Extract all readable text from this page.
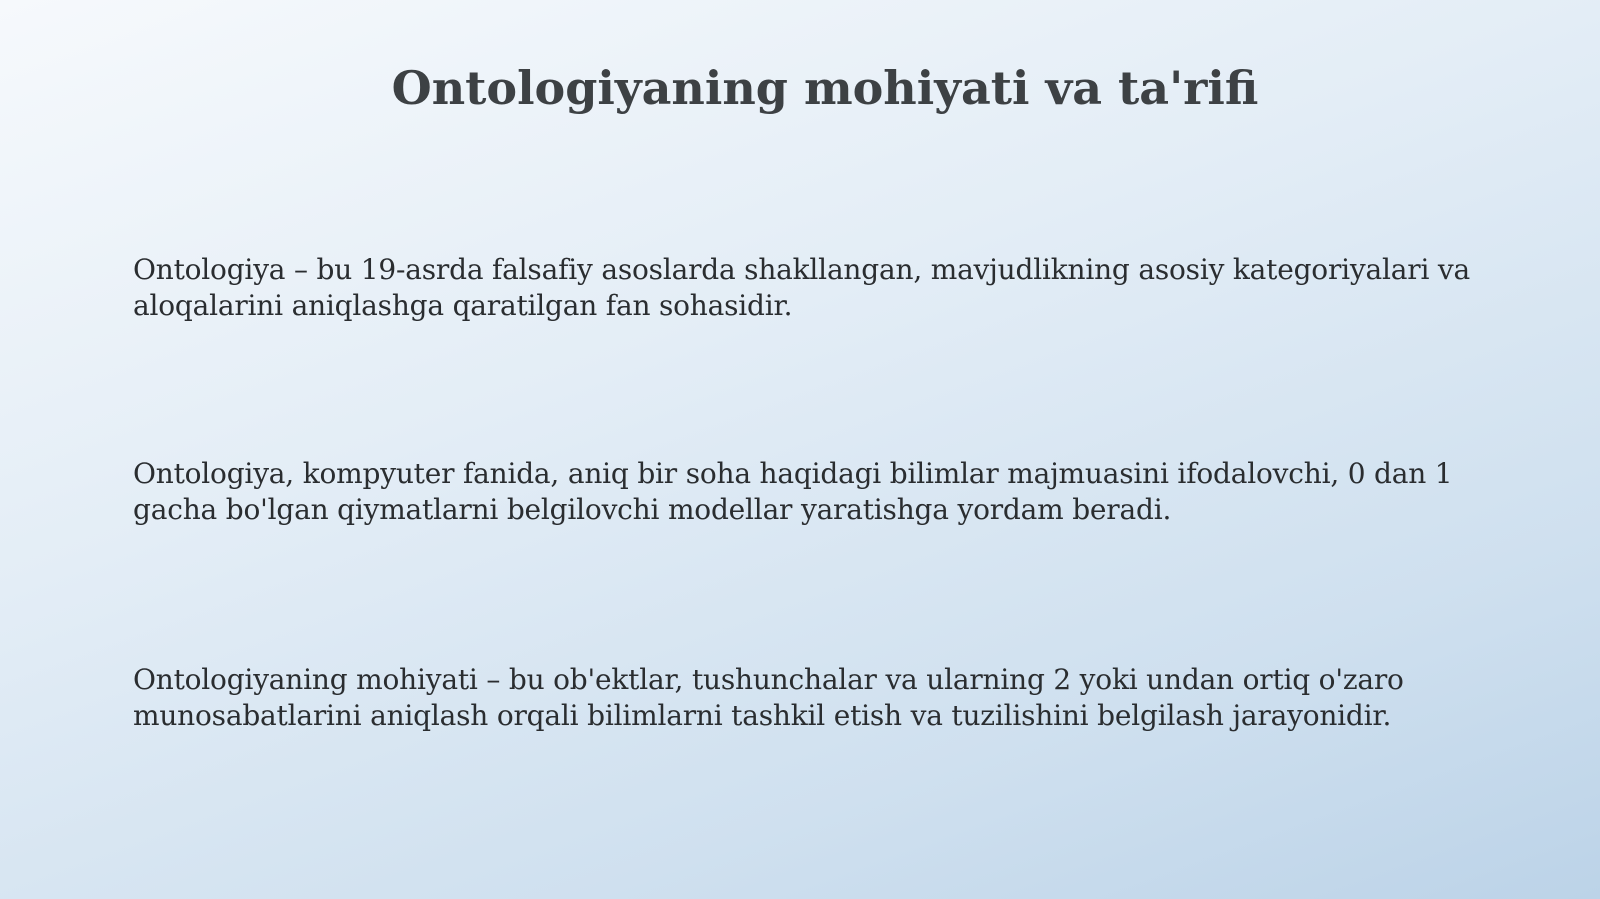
Ontologiyaning mohiyati va ta'rifi
Ontologiya – bu 19-asrda falsafiy asoslarda shakllangan, mavjudlikning asosiy kategoriyalari va aloqalarini aniqlashga qaratilgan fan sohasidir.
Ontologiya, kompyuter fanida, aniq bir soha haqidagi bilimlar majmuasini ifodalovchi, 0 dan 1 gacha bo'lgan qiymatlarni belgilovchi modellar yaratishga yordam beradi.
Ontologiyaning mohiyati – bu ob'ektlar, tushunchalar va ularning 2 yoki undan ortiq o'zaro munosabatlarini aniqlash orqali bilimlarni tashkil etish va tuzilishini belgilash jarayonidir.
